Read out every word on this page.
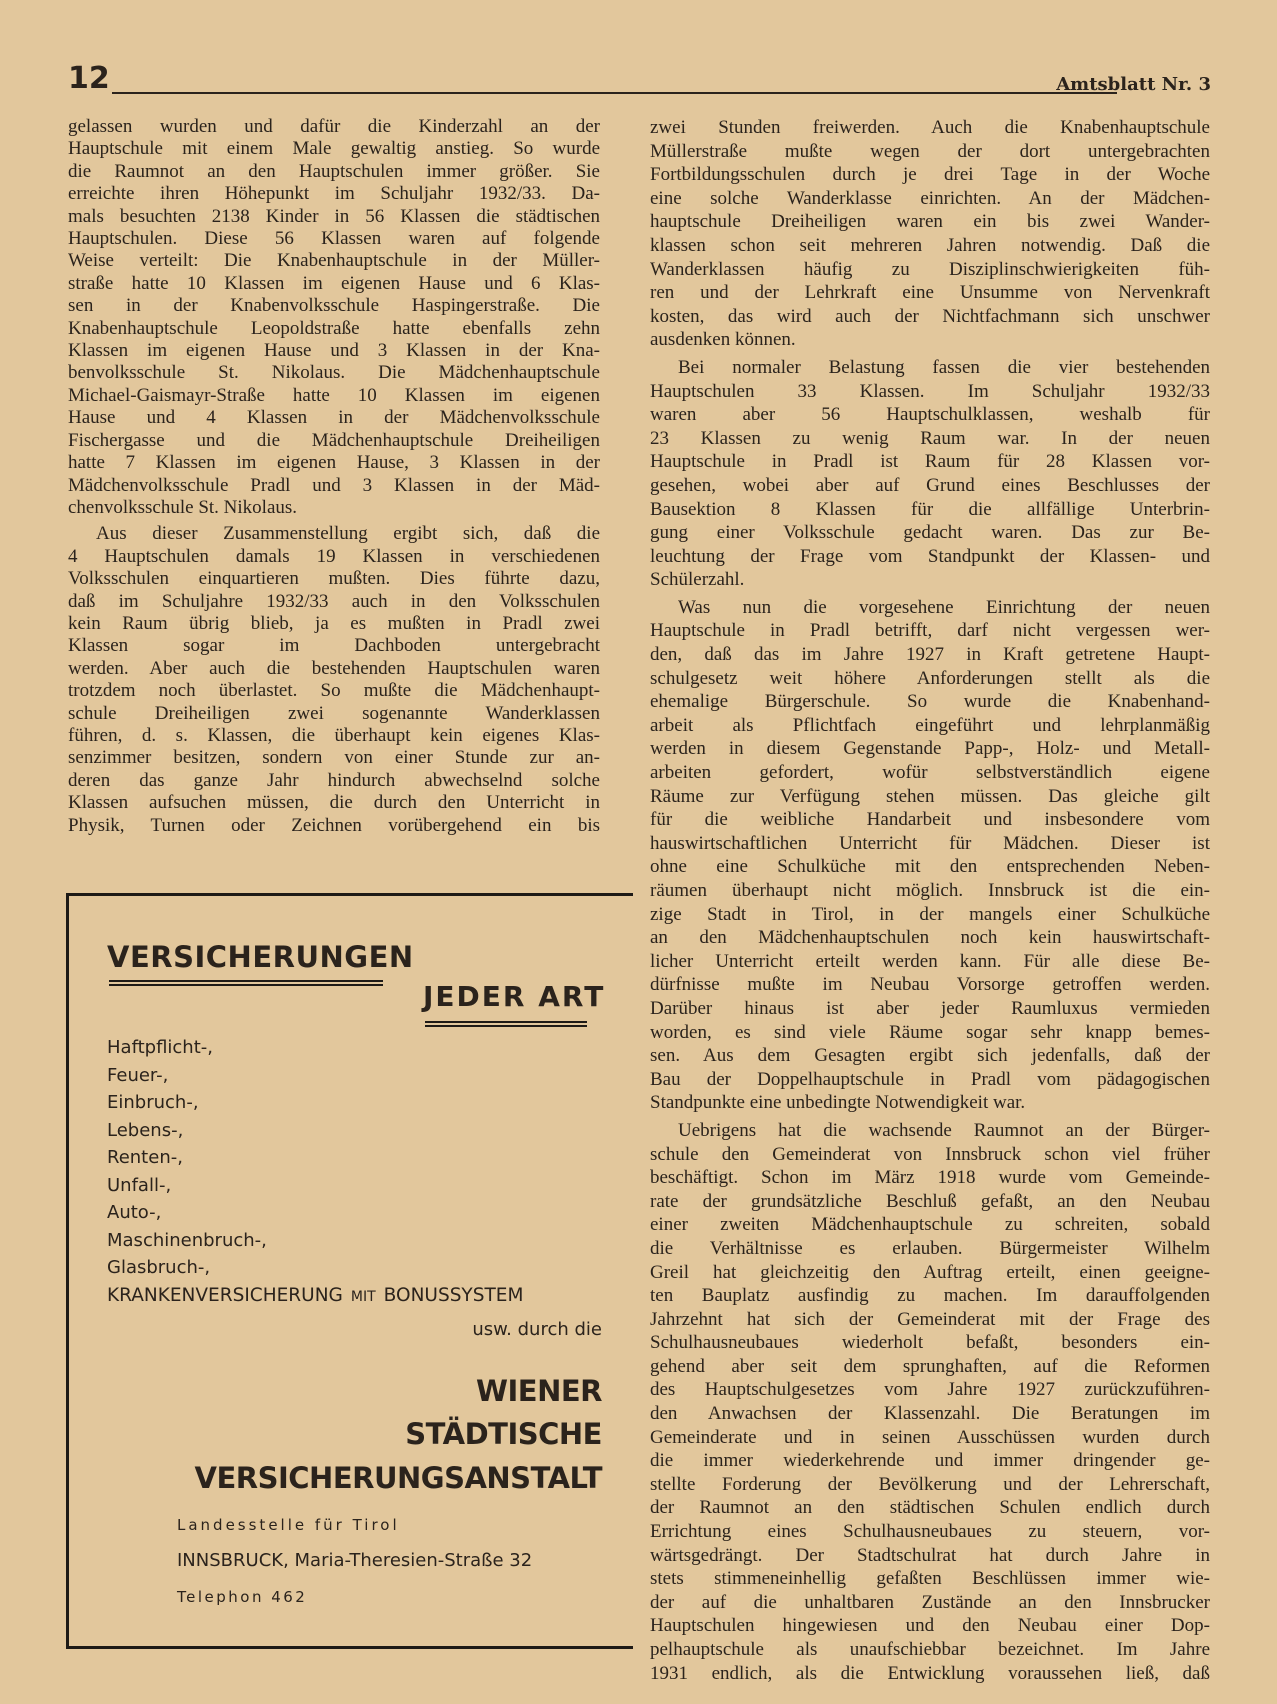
12	Amtsblatt Nr. 3
gelassen wurden und dafür die Kinderzahl an der
Hauptschule mit einem Male gewaltig anstieg. So wurde
die Raumnot an den Hauptschulen immer größer. Sie
erreichte ihren Höhepunkt im Schuljahr 1932/33. Da-
mals besuchten 2138 Kinder in 56 Klassen die städtischen
Hauptschulen. Diese 56 Klassen waren auf folgende
Weise verteilt: Die Knabenhauptschule in der Müller-
straße hatte 10 Klassen im eigenen Hause und 6 Klas-
sen in der Knabenvolksschule Haspingerstraße. Die
Knabenhauptschule Leopoldstraße hatte ebenfalls zehn
Klassen im eigenen Hause und 3 Klassen in der Kna-
benvolksschule St. Nikolaus. Die Mädchenhauptschule
Michael-Gaismayr-Straße hatte 10 Klassen im eigenen
Hause und 4 Klassen in der Mädchenvolksschule
Fischergasse und die Mädchenhauptschule Dreiheiligen
hatte 7 Klassen im eigenen Hause, 3 Klassen in der
Mädchenvolksschule Pradl und 3 Klassen in der Mäd-
chenvolksschule St. Nikolaus.
Aus dieser Zusammenstellung ergibt sich, daß die
4 Hauptschulen damals 19 Klassen in verschiedenen
Volksschulen einquartieren mußten. Dies führte dazu,
daß im Schuljahre 1932/33 auch in den Volksschulen
kein Raum übrig blieb, ja es mußten in Pradl zwei
Klassen sogar im Dachboden untergebracht
werden. Aber auch die bestehenden Hauptschulen waren
trotzdem noch überlastet. So mußte die Mädchenhaupt-
schule Dreiheiligen zwei sogenannte Wanderklassen
führen, d. s. Klassen, die überhaupt kein eigenes Klas-
senzimmer besitzen, sondern von einer Stunde zur an-
deren das ganze Jahr hindurch abwechselnd solche
Klassen aufsuchen müssen, die durch den Unterricht in
Physik, Turnen oder Zeichnen vorübergehend ein bis
zwei Stunden freiwerden. Auch die Knabenhauptschule
Müllerstraße mußte wegen der dort untergebrachten
Fortbildungsschulen durch je drei Tage in der Woche
eine solche Wanderklasse einrichten. An der Mädchen-
hauptschule Dreiheiligen waren ein bis zwei Wander-
klassen schon seit mehreren Jahren notwendig. Daß die
Wanderklassen häufig zu Disziplinschwierigkeiten füh-
ren und der Lehrkraft eine Unsumme von Nervenkraft
kosten, das wird auch der Nichtfachmann sich unschwer
ausdenken können.
Bei normaler Belastung fassen die vier bestehenden
Hauptschulen 33 Klassen. Im Schuljahr 1932/33
waren aber 56 Hauptschulklassen, weshalb für
23 Klassen zu wenig Raum war. In der neuen
Hauptschule in Pradl ist Raum für 28 Klassen vor-
gesehen, wobei aber auf Grund eines Beschlusses der
Bausektion 8 Klassen für die allfällige Unterbrin-
gung einer Volksschule gedacht waren. Das zur Be-
leuchtung der Frage vom Standpunkt der Klassen- und
Schülerzahl.
Was nun die vorgesehene Einrichtung der neuen
Hauptschule in Pradl betrifft, darf nicht vergessen wer-
den, daß das im Jahre 1927 in Kraft getretene Haupt-
schulgesetz weit höhere Anforderungen stellt als die
ehemalige Bürgerschule. So wurde die Knabenhand-
arbeit als Pflichtfach eingeführt und lehrplanmäßig
werden in diesem Gegenstande Papp-, Holz- und Metall-
arbeiten gefordert, wofür selbstverständlich eigene
Räume zur Verfügung stehen müssen. Das gleiche gilt
für die weibliche Handarbeit und insbesondere vom
hauswirtschaftlichen Unterricht für Mädchen. Dieser ist
ohne eine Schulküche mit den entsprechenden Neben-
räumen überhaupt nicht möglich. Innsbruck ist die ein-
zige Stadt in Tirol, in der mangels einer Schulküche
an den Mädchenhauptschulen noch kein hauswirtschaft-
licher Unterricht erteilt werden kann. Für alle diese Be-
dürfnisse mußte im Neubau Vorsorge getroffen werden.
Darüber hinaus ist aber jeder Raumluxus vermieden
worden, es sind viele Räume sogar sehr knapp bemes-
sen. Aus dem Gesagten ergibt sich jedenfalls, daß der
Bau der Doppelhauptschule in Pradl vom pädagogischen
Standpunkte eine unbedingte Notwendigkeit war.
Uebrigens hat die wachsende Raumnot an der Bürger-
schule den Gemeinderat von Innsbruck schon viel früher
beschäftigt. Schon im März 1918 wurde vom Gemeinde-
rate der grundsätzliche Beschluß gefaßt, an den Neubau
einer zweiten Mädchenhauptschule zu schreiten, sobald
die Verhältnisse es erlauben. Bürgermeister Wilhelm
Greil hat gleichzeitig den Auftrag erteilt, einen geeigne-
ten Bauplatz ausfindig zu machen. Im darauffolgenden
Jahrzehnt hat sich der Gemeinderat mit der Frage des
Schulhausneubaues wiederholt befaßt, besonders ein-
gehend aber seit dem sprunghaften, auf die Reformen
des Hauptschulgesetzes vom Jahre 1927 zurückzuführen-
den Anwachsen der Klassenzahl. Die Beratungen im
Gemeinderate und in seinen Ausschüssen wurden durch
die immer wiederkehrende und immer dringender ge-
stellte Forderung der Bevölkerung und der Lehrerschaft,
der Raumnot an den städtischen Schulen endlich durch
Errichtung eines Schulhausneubaues zu steuern, vor-
wärtsgedrängt. Der Stadtschulrat hat durch Jahre in
stets stimmeneinhellig gefaßten Beschlüssen immer wie-
der auf die unhaltbaren Zustände an den Innsbrucker
Hauptschulen hingewiesen und den Neubau einer Dop-
pelhauptschule als unaufschiebbar bezeichnet. Im Jahre
1931 endlich, als die Entwicklung voraussehen ließ, daß
VERSICHERUNGEN
JEDER ART
Haftpflicht-,
Feuer-,
Einbruch-,
Lebens-,
Renten-,
Unfall-,
Auto-,
Maschinenbruch-,
Glasbruch-,
KRANKENVERSICHERUNG MIT BONUSSYSTEM
usw. durch die
WIENER
STÄDTISCHE
VERSICHERUNGSANSTALT
Landesstelle für Tirol
INNSBRUCK, Maria-Theresien-Straße 32
Telephon 462
